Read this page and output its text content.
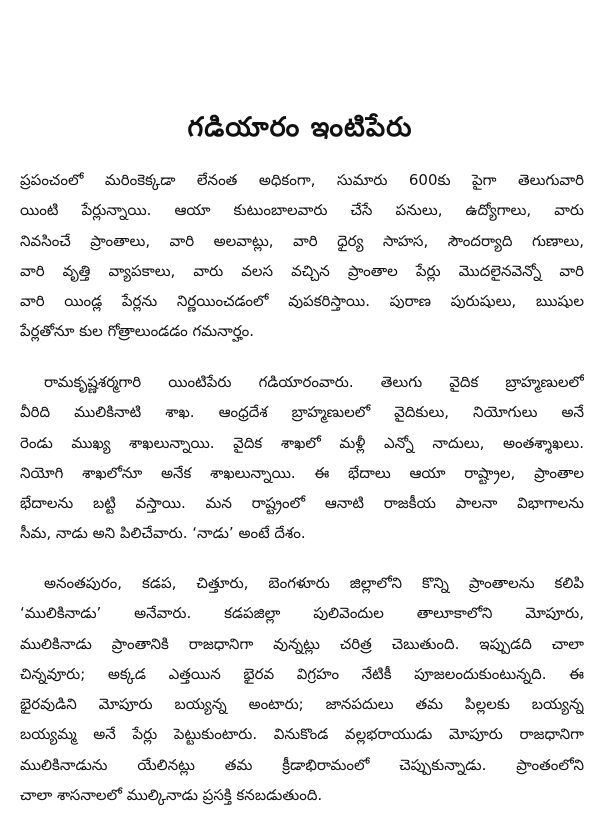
గడియారం ఇంటిపేరు

ప్రపంచంలో మరింకెక్కడా లేనంత అధికంగా, సుమారు 600కు పైగా తెలుగువారి
యింటి పేర్లున్నాయి. ఆయా కుటుంబాలవారు చేసే పనులు, ఉద్యోగాలు, వారు
నివసించే ప్రాంతాలు, వారి అలవాట్లు, వారి ధైర్య సాహస, సౌందర్యాది గుణాలు,
వారి వృత్తి వ్యాపకాలు, వారు వలస వచ్చిన ప్రాంతాల పేర్లు మొదలైనవెన్నో వారి
వారి యిండ్ల పేర్లను నిర్ణయించడంలో వుపకరిస్తాయి. పురాణ పురుషులు, ఋషుల
పేర్లతోనూ కుల గోత్రాలుండడం గమనార్హం.

రామకృష్ణశర్మగారి యింటిపేరు గడియారంవారు. తెలుగు వైదిక బ్రాహ్మణులలో
వీరిది ములికినాటి శాఖ. ఆంధ్రదేశ బ్రాహ్మణులలో వైదికులు, నియోగులు అనే
రెండు ముఖ్య శాఖలున్నాయి. వైదిక శాఖలో మళ్లీ ఎన్నో నాదులు, అంతశ్శాఖలు.
నియోగి శాఖలోనూ అనేక శాఖలున్నాయి. ఈ భేదాలు ఆయా రాష్ట్రాల, ప్రాంతాల
భేదాలను బట్టి వస్తాయి. మన రాష్ట్రంలో ఆనాటి రాజకీయ పాలనా విభాగాలను
సీమ, నాడు అని పిలిచేవారు. ‘నాడు’ అంటే దేశం.

అనంతపురం, కడప, చిత్తూరు, బెంగళూరు జిల్లాలోని కొన్ని ప్రాంతాలను కలిపి
‘ములికినాడు’ అనేవారు. కడపజిల్లా పులివెందుల తాలూకాలోని మోపూరు,
ములికినాడు ప్రాంతానికి రాజధానిగా వున్నట్లు చరిత్ర చెబుతుంది. ఇప్పుడది చాలా
చిన్నవూరు; అక్కడ ఎత్తయిన భైరవ విగ్రహం నేటికీ పూజలందుకుంటున్నది. ఈ
భైరవుడిని మోపూరు బయ్యన్న అంటారు; జానపదులు తమ పిల్లలకు బయ్యన్న
బయ్యమ్మ అనే పేర్లు పెట్టుకుంటారు. వినుకొండ వల్లభరాయుడు మోపూరు రాజధానిగా
ములికినాడును యేలినట్లు తమ క్రీడాభిరామంలో చెప్పుకున్నాడు. ప్రాంతంలోని
చాలా శాసనాలలో ముల్కినాడు ప్రసక్తి కనబడుతుంది.
